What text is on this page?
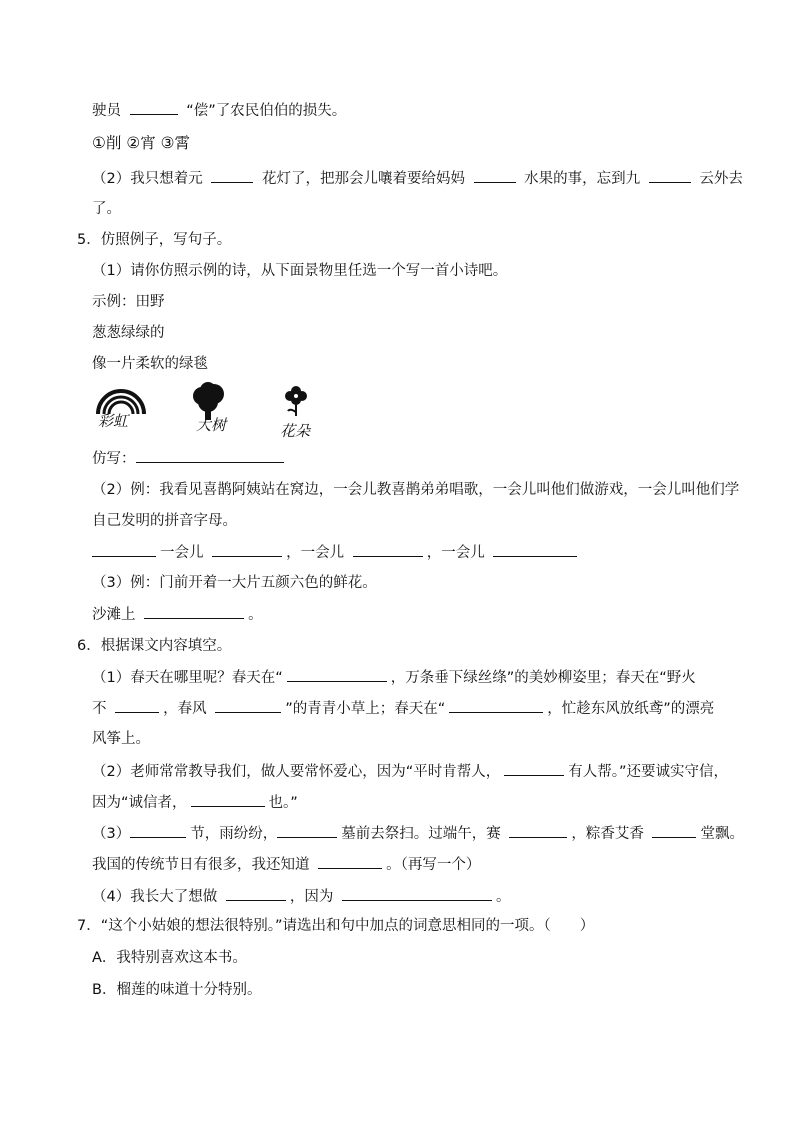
驶员	“偿”了农民伯伯的损失。
①削 ②宵 ③霄
（2）我只想着元	花灯了，把那会儿嚷着要给妈妈	水果的事，忘到九	云外去
了。
5．仿照例子，写句子。
（1）请你仿照示例的诗，从下面景物里任选一个写一首小诗吧。
示例：田野
葱葱绿绿的
像一片柔软的绿毯
彩虹	大树	花朵
仿写：
（2）例：我看见喜鹊阿姨站在窝边，一会儿教喜鹊弟弟唱歌，一会儿叫他们做游戏，一会儿叫他们学
自己发明的拼音字母。
一会儿	，一会儿	，一会儿
（3）例：门前开着一大片五颜六色的鲜花。
沙滩上	。
6．根据课文内容填空。
（1）春天在哪里呢？春天在“	，万条垂下绿丝绦”的美妙柳姿里；春天在“野火
不	，春风	”的青青小草上；春天在“	，忙趁东风放纸鸢”的漂亮
风筝上。
（2）老师常常教导我们，做人要常怀爱心，因为“平时肯帮人，	有人帮。”还要诚实守信，
因为“诚信者，	也。”
（3）	节，雨纷纷，	墓前去祭扫。过端午，赛	，粽香艾香	堂飘。
我国的传统节日有很多，我还知道	。（再写一个）
（4）我长大了想做	，因为	。
7．“这个小姑娘的想法很特别。”请选出和句中加点的词意思相同的一项。（　　）
A．我特别喜欢这本书。
B．榴莲的味道十分特别。
